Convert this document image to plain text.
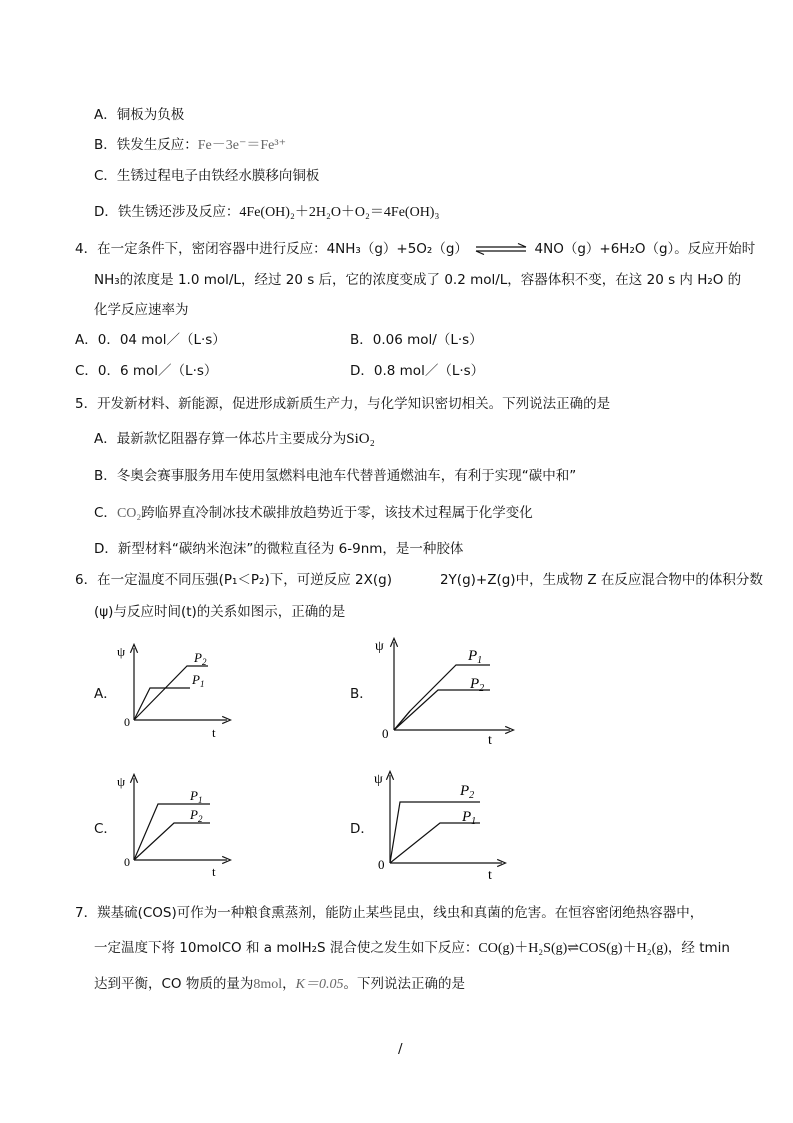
A．铜板为负极
B．铁发生反应：Fe－3e⁻＝Fe³⁺
C．生锈过程电子由铁经水膜移向铜板
D．铁生锈还涉及反应：4Fe(OH)₂＋2H₂O＋O₂＝4Fe(OH)₃
4．在一定条件下，密闭容器中进行反应：4NH₃（g）+5O₂（g） ⇌ 4NO（g）+6H₂O（g）。反应开始时
NH₃的浓度是 1.0 mol/L，经过 20 s 后，它的浓度变成了 0.2 mol/L，容器体积不变，在这 20 s 内 H₂O 的
化学反应速率为
A．0．04 mol／（L·s）	B．0.06 mol/（L·s）
C．0．6 mol／（L·s）	D．0.8 mol／（L·s）
5．开发新材料、新能源，促进形成新质生产力，与化学知识密切相关。下列说法正确的是
A．最新款忆阻器存算一体芯片主要成分为SiO₂
B．冬奥会赛事服务用车使用氢燃料电池车代替普通燃油车，有利于实现“碳中和”
C．CO₂跨临界直冷制冰技术碳排放趋势近于零，该技术过程属于化学变化
D．新型材料“碳纳米泡沫”的微粒直径为 6-9nm，是一种胶体
6．在一定温度不同压强(P₁＜P₂)下，可逆反应 2X(g)	2Y(g)+Z(g)中，生成物 Z 在反应混合物中的体积分数
(ψ)与反应时间(t)的关系如图示，正确的是
A．
ψ
t
0
$P_2$
$P_1$
B．
ψ
t
0
$P_1$
$P_2$
C．
ψ
t
0
$P_1$
$P_2$
D．
ψ
t
0
$P_2$
$P_1$
7．羰基硫(COS)可作为一种粮食熏蒸剂，能防止某些昆虫，线虫和真菌的危害。在恒容密闭绝热容器中，
一定温度下将 10molCO 和 a molH₂S 混合使之发生如下反应：CO(g)＋H₂S(g)⇌COS(g)＋H₂(g)，经 tmin
达到平衡，CO 物质的量为8mol，K＝0.05。下列说法正确的是
/
